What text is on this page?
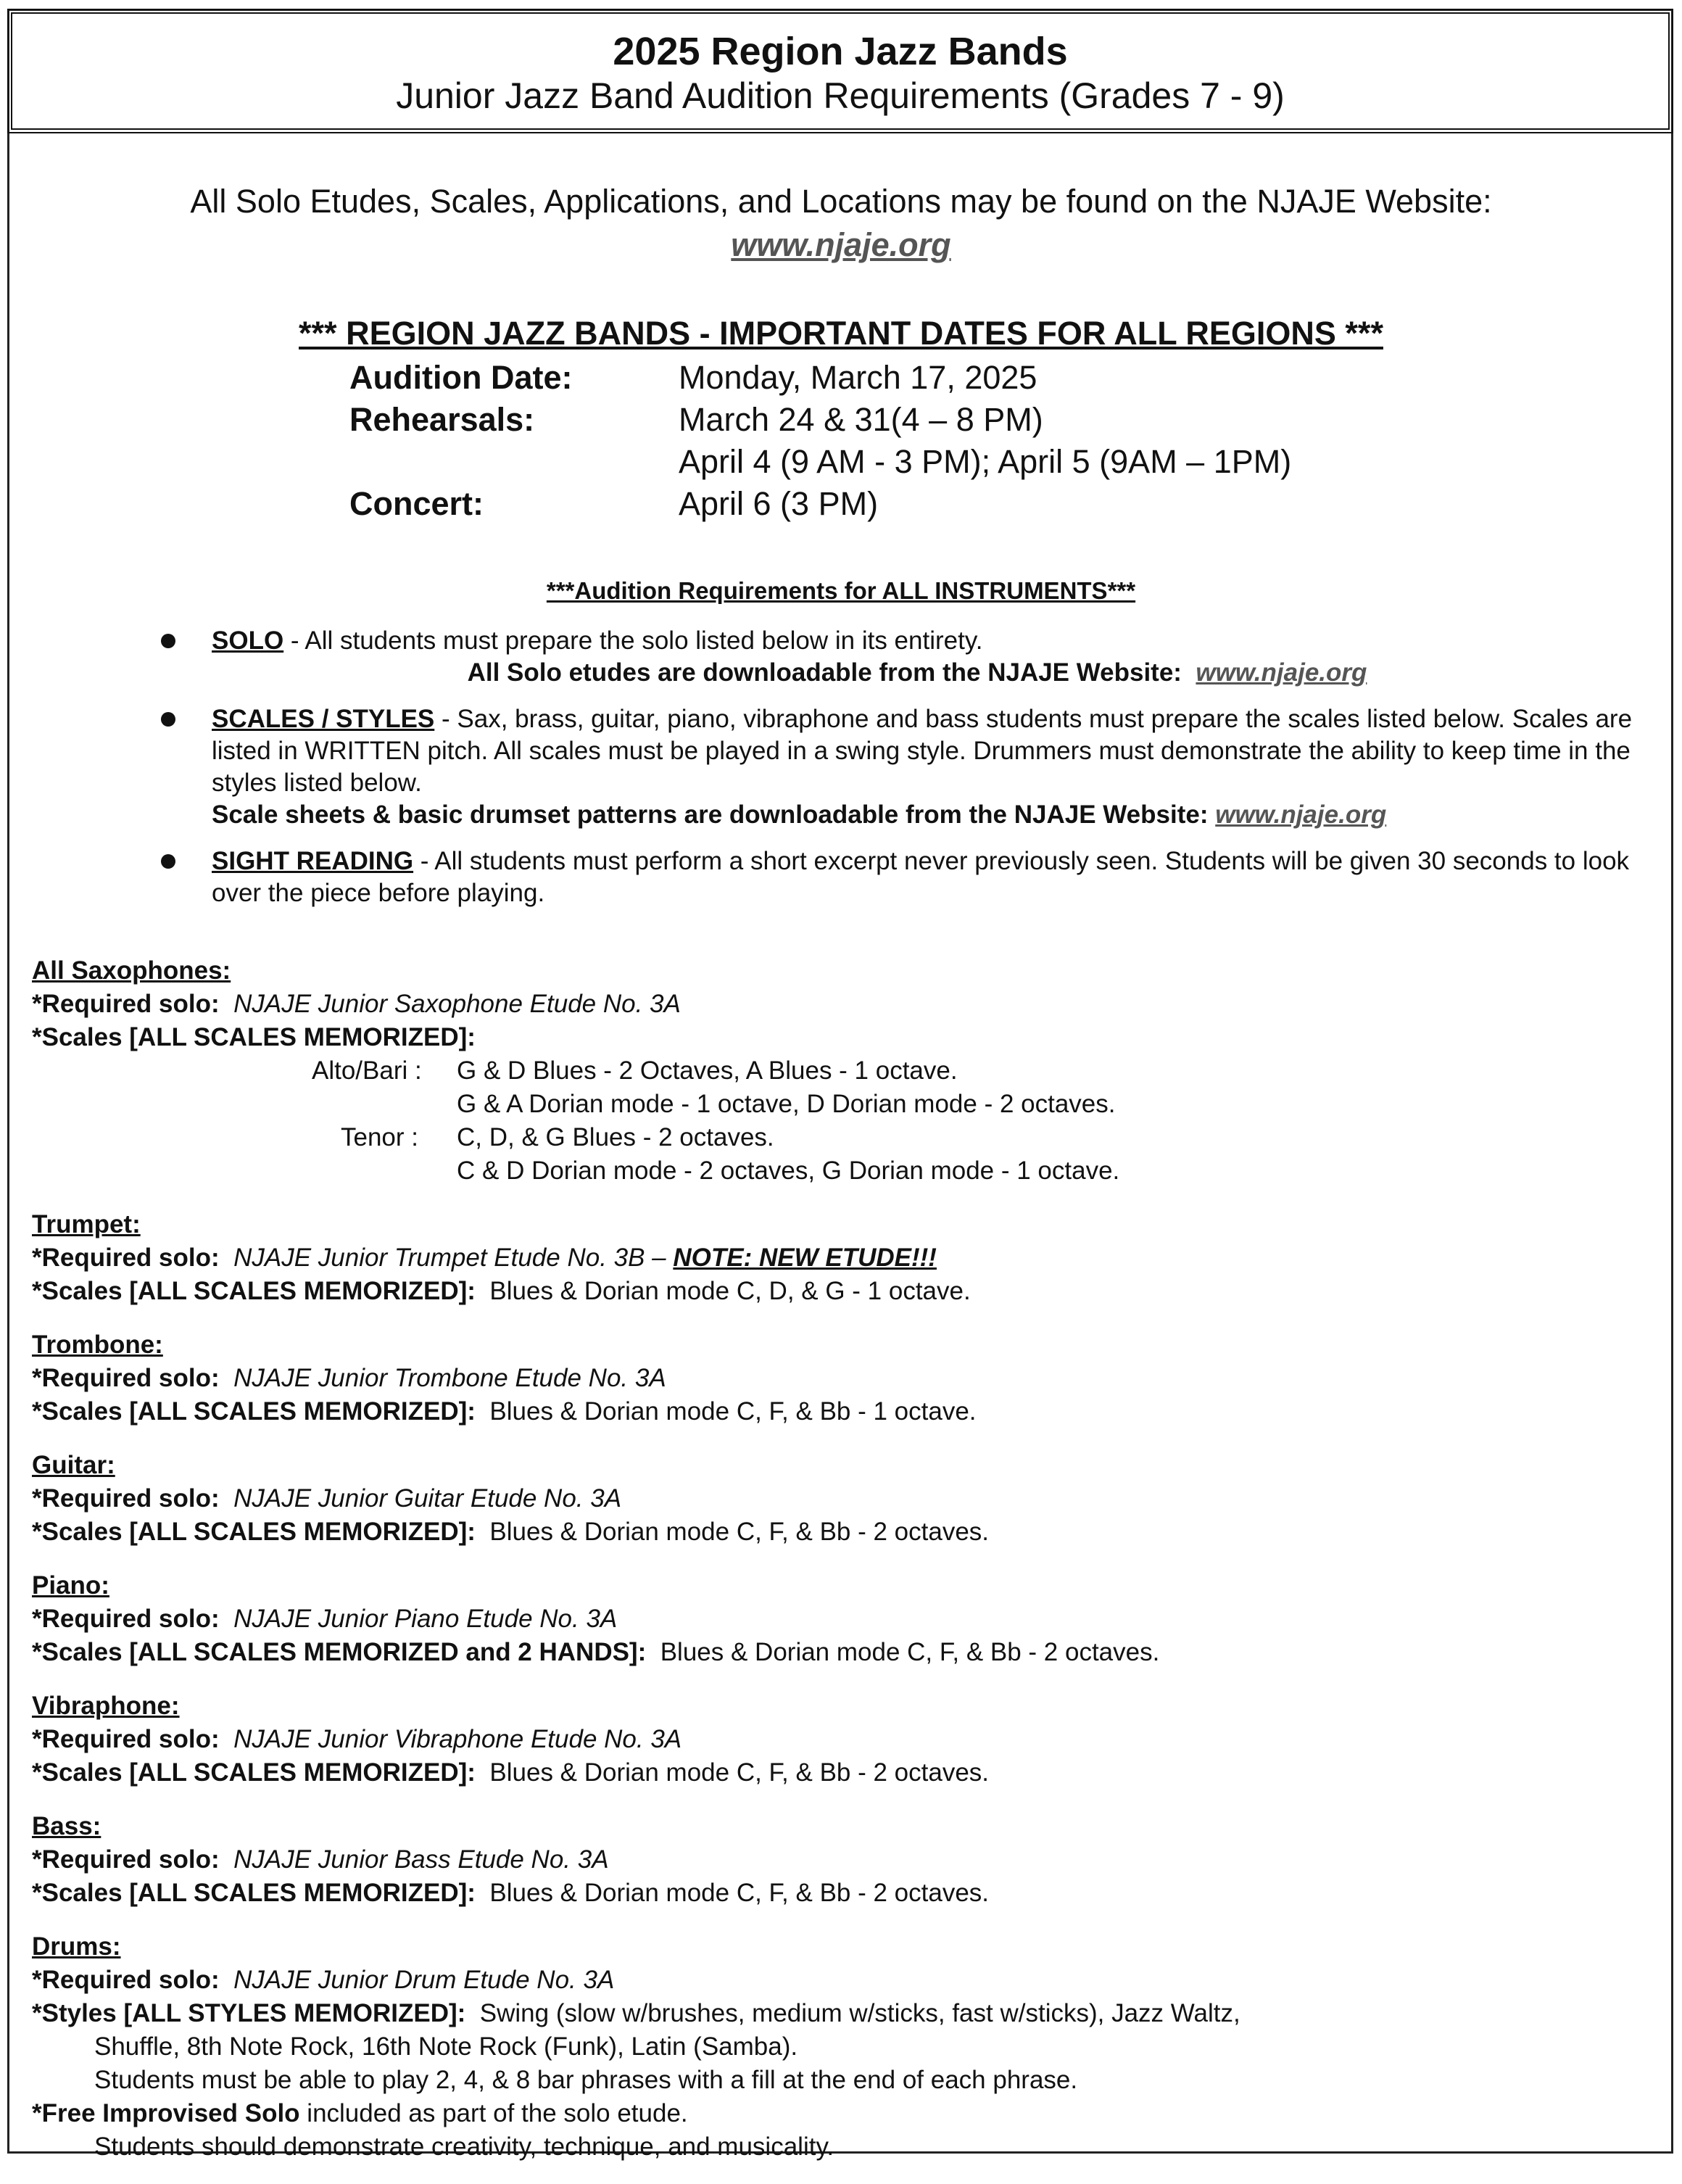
2025 Region Jazz Bands
Junior Jazz Band Audition Requirements (Grades 7 - 9)
All Solo Etudes, Scales, Applications, and Locations may be found on the NJAJE Website:
www.njaje.org
*** REGION JAZZ BANDS - IMPORTANT DATES FOR ALL REGIONS ***
Audition Date:	Monday, March 17, 2025
Rehearsals:	March 24 & 31(4 – 8 PM)
April 4 (9 AM - 3 PM); April 5 (9AM – 1PM)
Concert:	April 6 (3 PM)
***Audition Requirements for ALL INSTRUMENTS***
SOLO - All students must prepare the solo listed below in its entirety.
All Solo etudes are downloadable from the NJAJE Website: www.njaje.org
SCALES / STYLES - Sax, brass, guitar, piano, vibraphone and bass students must prepare the scales listed below. Scales are listed in WRITTEN pitch. All scales must be played in a swing style. Drummers must demonstrate the ability to keep time in the styles listed below.
Scale sheets & basic drumset patterns are downloadable from the NJAJE Website: www.njaje.org
SIGHT READING - All students must perform a short excerpt never previously seen. Students will be given 30 seconds to look over the piece before playing.
All Saxophones:
*Required solo: NJAJE Junior Saxophone Etude No. 3A
*Scales [ALL SCALES MEMORIZED]:
Alto/Bari :	G & D Blues - 2 Octaves, A Blues - 1 octave.
G & A Dorian mode - 1 octave, D Dorian mode - 2 octaves.
Tenor :	C, D, & G Blues - 2 octaves.
C & D Dorian mode - 2 octaves, G Dorian mode - 1 octave.
Trumpet:
*Required solo: NJAJE Junior Trumpet Etude No. 3B – NOTE: NEW ETUDE!!!
*Scales [ALL SCALES MEMORIZED]: Blues & Dorian mode C, D, & G - 1 octave.
Trombone:
*Required solo: NJAJE Junior Trombone Etude No. 3A
*Scales [ALL SCALES MEMORIZED]: Blues & Dorian mode C, F, & Bb - 1 octave.
Guitar:
*Required solo: NJAJE Junior Guitar Etude No. 3A
*Scales [ALL SCALES MEMORIZED]: Blues & Dorian mode C, F, & Bb - 2 octaves.
Piano:
*Required solo: NJAJE Junior Piano Etude No. 3A
*Scales [ALL SCALES MEMORIZED and 2 HANDS]: Blues & Dorian mode C, F, & Bb - 2 octaves.
Vibraphone:
*Required solo: NJAJE Junior Vibraphone Etude No. 3A
*Scales [ALL SCALES MEMORIZED]: Blues & Dorian mode C, F, & Bb - 2 octaves.
Bass:
*Required solo: NJAJE Junior Bass Etude No. 3A
*Scales [ALL SCALES MEMORIZED]: Blues & Dorian mode C, F, & Bb - 2 octaves.
Drums:
*Required solo: NJAJE Junior Drum Etude No. 3A
*Styles [ALL STYLES MEMORIZED]: Swing (slow w/brushes, medium w/sticks, fast w/sticks), Jazz Waltz,
Shuffle, 8th Note Rock, 16th Note Rock (Funk), Latin (Samba).
Students must be able to play 2, 4, & 8 bar phrases with a fill at the end of each phrase.
*Free Improvised Solo included as part of the solo etude.
Students should demonstrate creativity, technique, and musicality.
